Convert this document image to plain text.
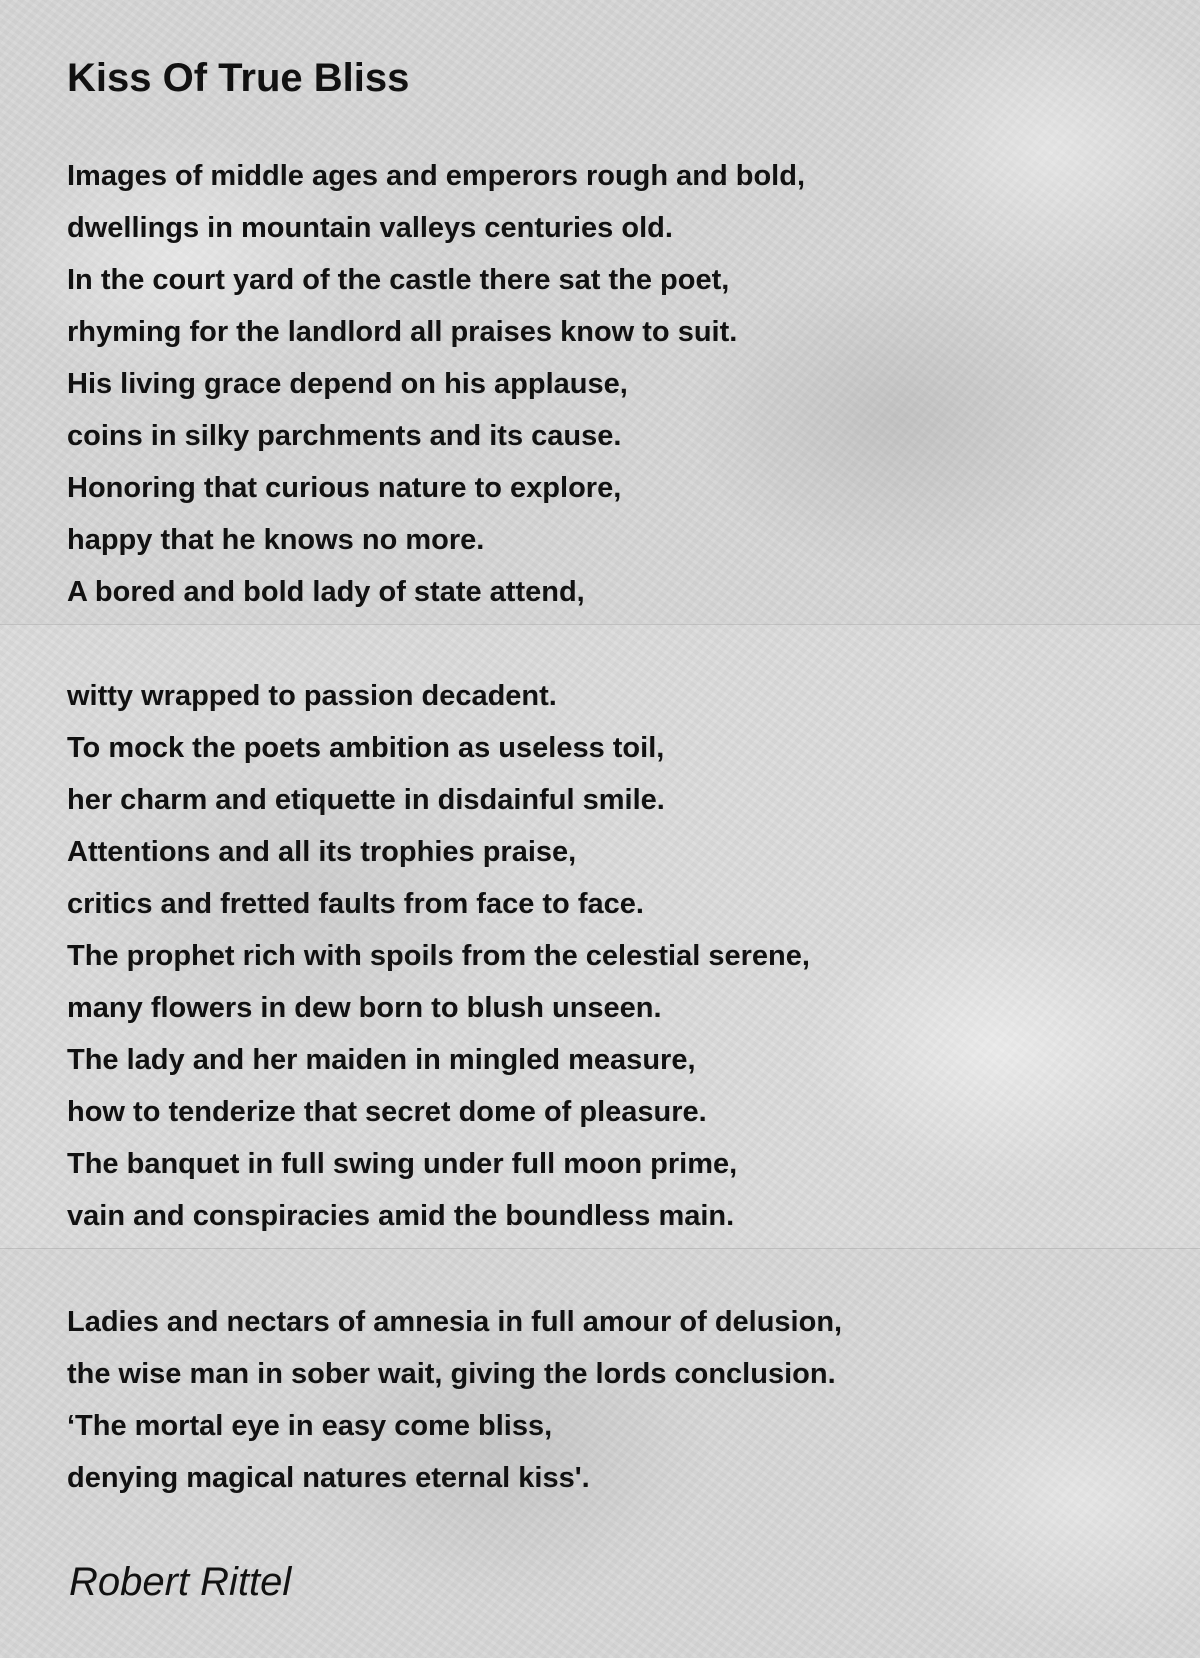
Kiss Of True Bliss
Images of middle ages and emperors rough and bold,
dwellings in mountain valleys centuries old.
In the court yard of the castle there sat the poet,
rhyming for the landlord all praises know to suit.
His living grace depend on his applause,
coins in silky parchments and its cause.
Honoring that curious nature to explore,
happy that he knows no more.
A bored and bold lady of state attend,
witty wrapped to passion decadent.
To mock the poets ambition as useless toil,
her charm and etiquette in disdainful smile.
Attentions and all its trophies praise,
critics and fretted faults from face to face.
The prophet rich with spoils from the celestial serene,
many flowers in dew born to blush unseen.
The lady and her maiden in mingled measure,
how to tenderize that secret dome of pleasure.
The banquet in full swing under full moon prime,
vain and conspiracies amid the boundless main.
Ladies and nectars of amnesia in full amour of delusion,
the wise man in sober wait, giving the lords conclusion.
‘The mortal eye in easy come bliss,
denying magical natures eternal kiss'.

Robert Rittel
